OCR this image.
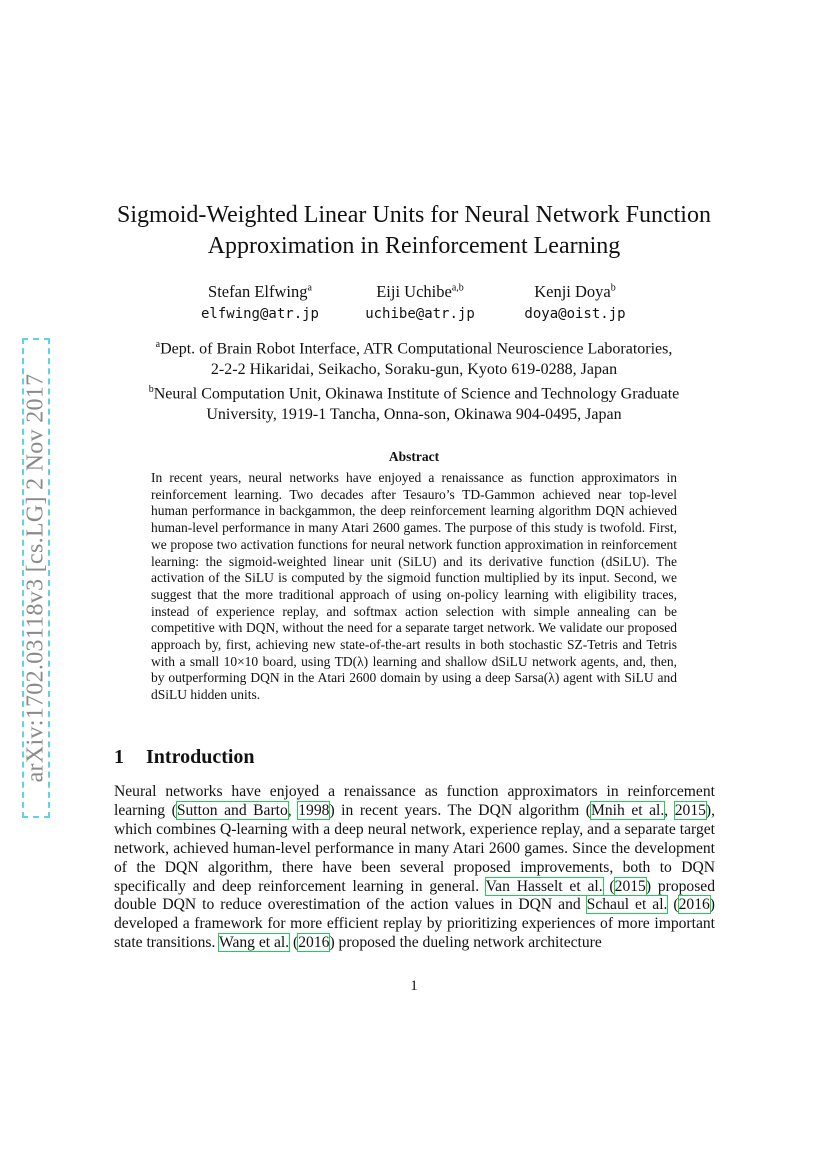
arXiv:1702.03118v3 [cs.LG] 2 Nov 2017
Sigmoid-Weighted Linear Units for Neural Network Function
Approximation in Reinforcement Learning
Stefan Elfwing$^a$
elfwing@atr.jp
Eiji Uchibe$^{a,b}$
uchibe@atr.jp
Kenji Doya$^b$
doya@oist.jp
$^a$Dept. of Brain Robot Interface, ATR Computational Neuroscience Laboratories,
2-2-2 Hikaridai, Seikacho, Soraku-gun, Kyoto 619-0288, Japan
$^b$Neural Computation Unit, Okinawa Institute of Science and Technology Graduate
University, 1919-1 Tancha, Onna-son, Okinawa 904-0495, Japan
Abstract
In recent years, neural networks have enjoyed a renaissance as function approximators in reinforcement learning. Two decades after Tesauro’s TD-Gammon achieved near top-level human performance in backgammon, the deep reinforcement learning algorithm DQN achieved human-level performance in many Atari 2600 games. The purpose of this study is twofold. First, we propose two activation functions for neural network function approximation in reinforcement learning: the sigmoid-weighted linear unit (SiLU) and its derivative function (dSiLU). The activation of the SiLU is computed by the sigmoid function multiplied by its input. Second, we suggest that the more traditional approach of using on-policy learning with eligibility traces, instead of experience replay, and softmax action selection with simple annealing can be competitive with DQN, without the need for a separate target network. We validate our proposed approach by, first, achieving new state-of-the-art results in both stochastic SZ-Tetris and Tetris with a small 10×10 board, using TD(λ) learning and shallow dSiLU network agents, and, then, by outperforming DQN in the Atari 2600 domain by using a deep Sarsa(λ) agent with SiLU and dSiLU hidden units.
1 Introduction
Neural networks have enjoyed a renaissance as function approximators in reinforcement learning (Sutton and Barto, 1998) in recent years. The DQN algorithm (Mnih et al., 2015), which combines Q-learning with a deep neural network, experience replay, and a separate target network, achieved human-level performance in many Atari 2600 games. Since the development of the DQN algorithm, there have been several proposed improvements, both to DQN specifically and deep reinforcement learning in general. Van Hasselt et al. (2015) proposed double DQN to reduce overestimation of the action values in DQN and Schaul et al. (2016) developed a framework for more efficient replay by prioritizing experiences of more important state transitions. Wang et al. (2016) proposed the dueling network architecture
1
